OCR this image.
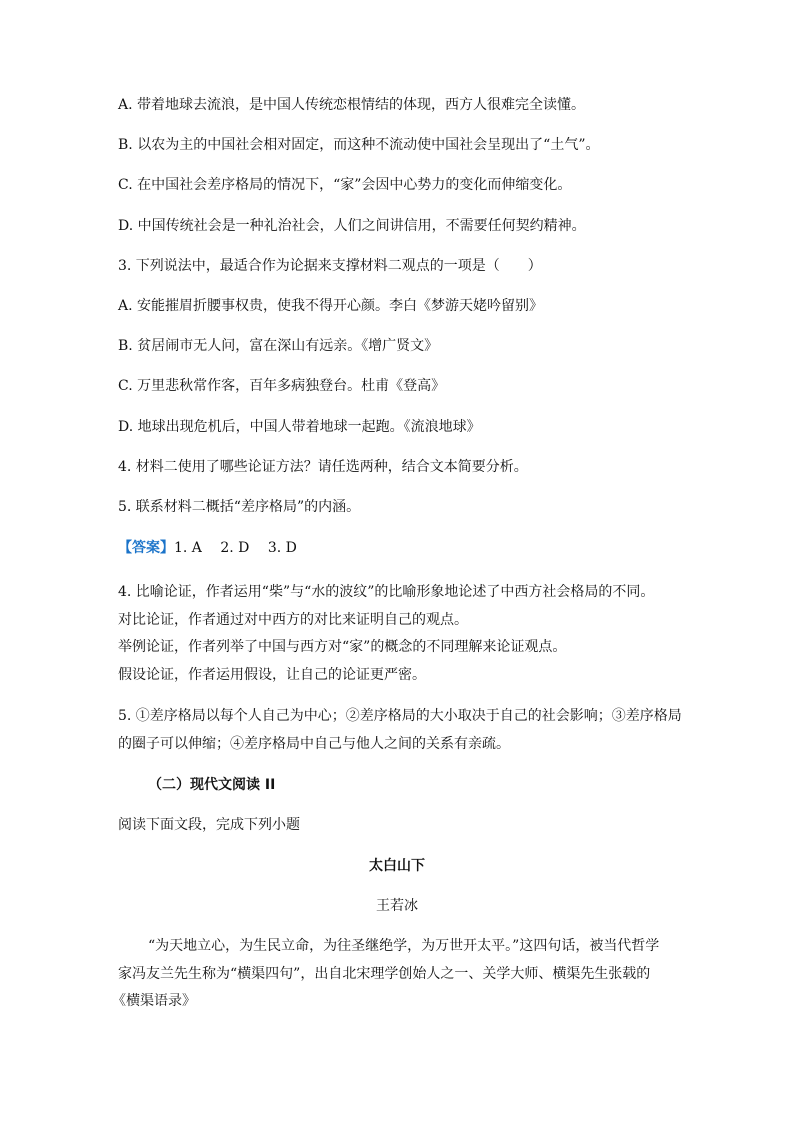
A. 带着地球去流浪，是中国人传统恋根情结的体现，西方人很难完全读懂。
B. 以农为主的中国社会相对固定，而这种不流动使中国社会呈现出了“土气”。
C. 在中国社会差序格局的情况下，“家”会因中心势力的变化而伸缩变化。
D. 中国传统社会是一种礼治社会，人们之间讲信用，不需要任何契约精神。
3. 下列说法中，最适合作为论据来支撑材料二观点的一项是（　　）
A. 安能摧眉折腰事权贵，使我不得开心颜。李白《梦游天姥吟留别》
B. 贫居闹市无人问，富在深山有远亲。《增广贤文》
C. 万里悲秋常作客，百年多病独登台。杜甫《登高》
D. 地球出现危机后，中国人带着地球一起跑。《流浪地球》
4. 材料二使用了哪些论证方法？请任选两种，结合文本简要分析。
5. 联系材料二概括“差序格局”的内涵。
【答案】1. A　 2. D　 3. D
4. 比喻论证，作者运用“柴”与“水的波纹”的比喻形象地论述了中西方社会格局的不同。
对比论证，作者通过对中西方的对比来证明自己的观点。
举例论证，作者列举了中国与西方对“家”的概念的不同理解来论证观点。
假设论证，作者运用假设，让自己的论证更严密。
5. ①差序格局以每个人自己为中心；②差序格局的大小取决于自己的社会影响；③差序格局
的圈子可以伸缩；④差序格局中自己与他人之间的关系有亲疏。
（二）现代文阅读 II
阅读下面文段，完成下列小题
太白山下
王若冰
“为天地立心，为生民立命，为往圣继绝学，为万世开太平。”这四句话，被当代哲学
家冯友兰先生称为“横渠四句”，出自北宋理学创始人之一、关学大师、横渠先生张载的
《横渠语录》
